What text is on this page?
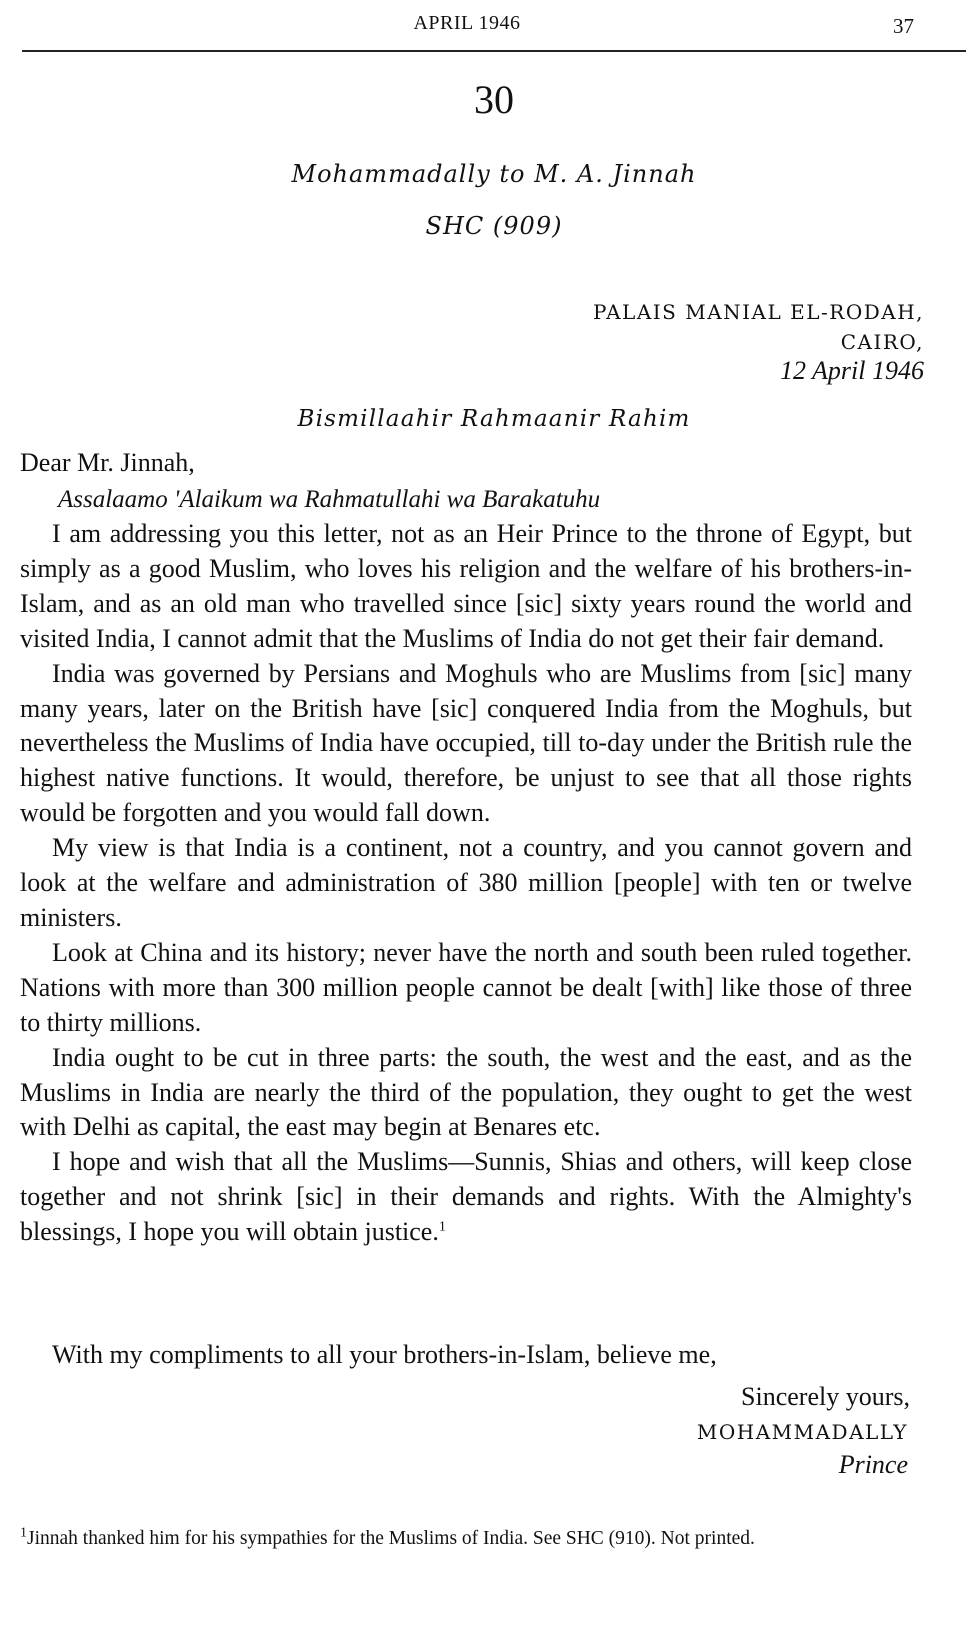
APRIL 1946	37
30
Mohammadally to M. A. Jinnah
SHC (909)
PALAIS MANIAL EL-RODAH,
CAIRO,
12 April 1946
Bismillaahir Rahmaanir Rahim
Dear Mr. Jinnah,
Assalaamo 'Alaikum wa Rahmatullahi wa Barakatuhu

I am addressing you this letter, not as an Heir Prince to the throne of Egypt, but simply as a good Muslim, who loves his religion and the welfare of his brothers-in-Islam, and as an old man who travelled since [sic] sixty years round the world and visited India, I cannot admit that the Muslims of India do not get their fair demand.

India was governed by Persians and Moghuls who are Muslims from [sic] many many years, later on the British have [sic] conquered India from the Moghuls, but nevertheless the Muslims of India have occupied, till to-day under the British rule the highest native functions. It would, therefore, be unjust to see that all those rights would be forgotten and you would fall down.

My view is that India is a continent, not a country, and you cannot govern and look at the welfare and administration of 380 million [people] with ten or twelve ministers.

Look at China and its history; never have the north and south been ruled together. Nations with more than 300 million people cannot be dealt [with] like those of three to thirty millions.

India ought to be cut in three parts: the south, the west and the east, and as the Muslims in India are nearly the third of the population, they ought to get the west with Delhi as capital, the east may begin at Benares etc.

I hope and wish that all the Muslims—Sunnis, Shias and others, will keep close together and not shrink [sic] in their demands and rights. With the Almighty's blessings, I hope you will obtain justice.$^1$

With my compliments to all your brothers-in-Islam, believe me,
Sincerely yours,
MOHAMMADALLY
Prince
$^1$Jinnah thanked him for his sympathies for the Muslims of India. See SHC (910). Not printed.
